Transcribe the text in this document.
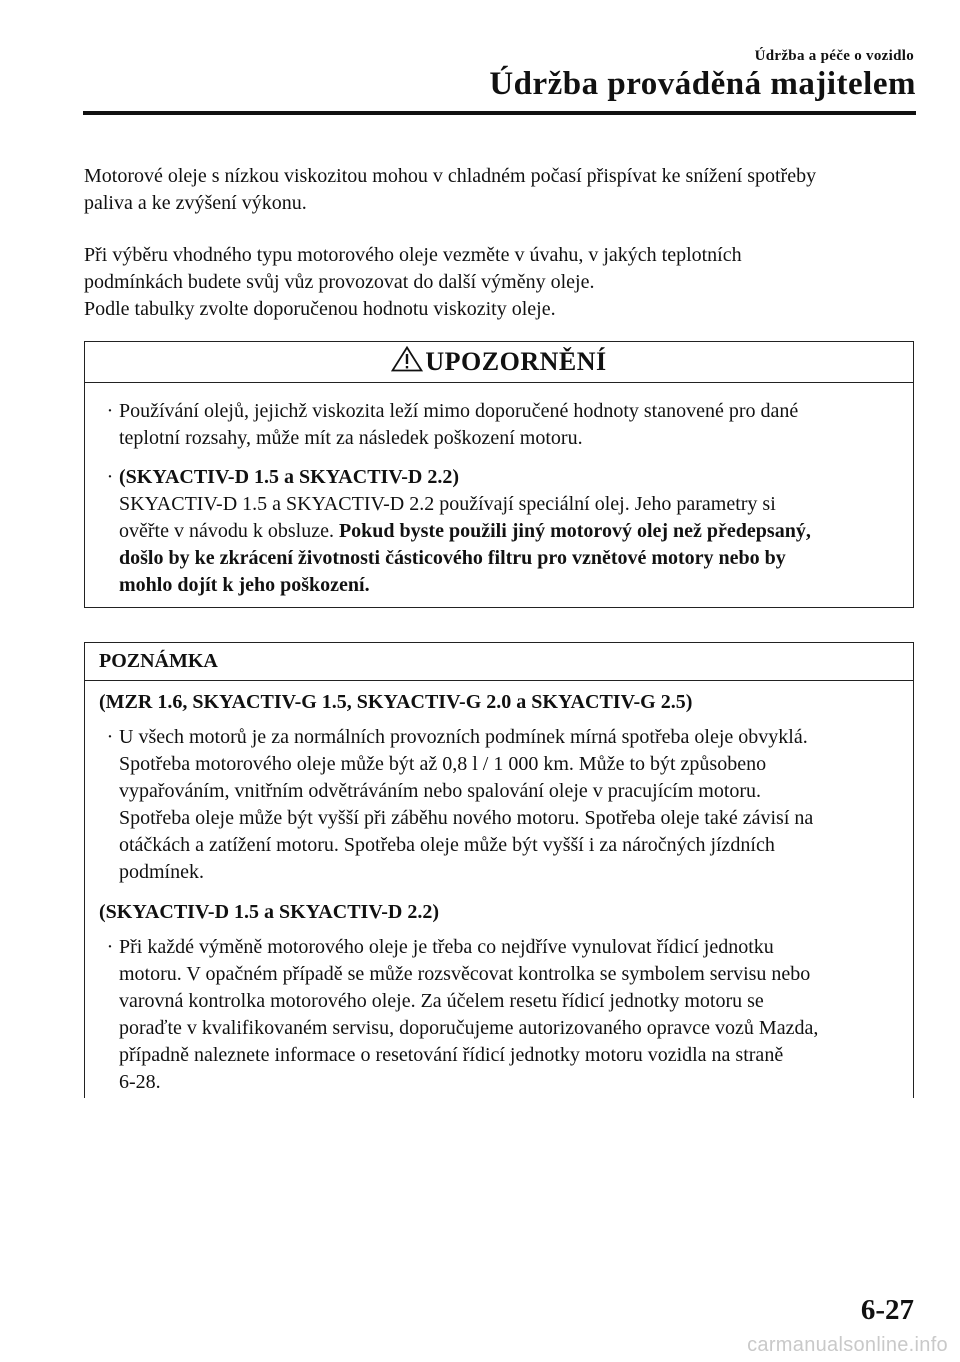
Údržba a péče o vozidlo
Údržba prováděná majitelem
Motorové oleje s nízkou viskozitou mohou v chladném počasí přispívat ke snížení spotřeby
paliva a ke zvýšení výkonu.
Při výběru vhodného typu motorového oleje vezměte v úvahu, v jakých teplotních
podmínkách budete svůj vůz provozovat do další výměny oleje.
Podle tabulky zvolte doporučenou hodnotu viskozity oleje.
UPOZORNĚNÍ
· Používání olejů, jejichž viskozita leží mimo doporučené hodnoty stanovené pro dané
teplotní rozsahy, může mít za následek poškození motoru.
· (SKYACTIV-D 1.5 a SKYACTIV-D 2.2)
SKYACTIV-D 1.5 a SKYACTIV-D 2.2 používají speciální olej. Jeho parametry si
ověřte v návodu k obsluze. Pokud byste použili jiný motorový olej než předepsaný,
došlo by ke zkrácení životnosti částicového filtru pro vznětové motory nebo by
mohlo dojít k jeho poškození.
POZNÁMKA
(MZR 1.6, SKYACTIV-G 1.5, SKYACTIV-G 2.0 a SKYACTIV-G 2.5)
· U všech motorů je za normálních provozních podmínek mírná spotřeba oleje obvyklá.
Spotřeba motorového oleje může být až 0,8 l / 1 000 km. Může to být způsobeno
vypařováním, vnitřním odvětráváním nebo spalování oleje v pracujícím motoru.
Spotřeba oleje může být vyšší při záběhu nového motoru. Spotřeba oleje také závisí na
otáčkách a zatížení motoru. Spotřeba oleje může být vyšší i za náročných jízdních
podmínek.
(SKYACTIV-D 1.5 a SKYACTIV-D 2.2)
· Při každé výměně motorového oleje je třeba co nejdříve vynulovat řídicí jednotku
motoru. V opačném případě se může rozsvěcovat kontrolka se symbolem servisu nebo
varovná kontrolka motorového oleje. Za účelem resetu řídicí jednotky motoru se
poraďte v kvalifikovaném servisu, doporučujeme autorizovaného opravce vozů Mazda,
případně naleznete informace o resetování řídicí jednotky motoru vozidla na straně
6-28.
6-27
carmanualsonline.info
